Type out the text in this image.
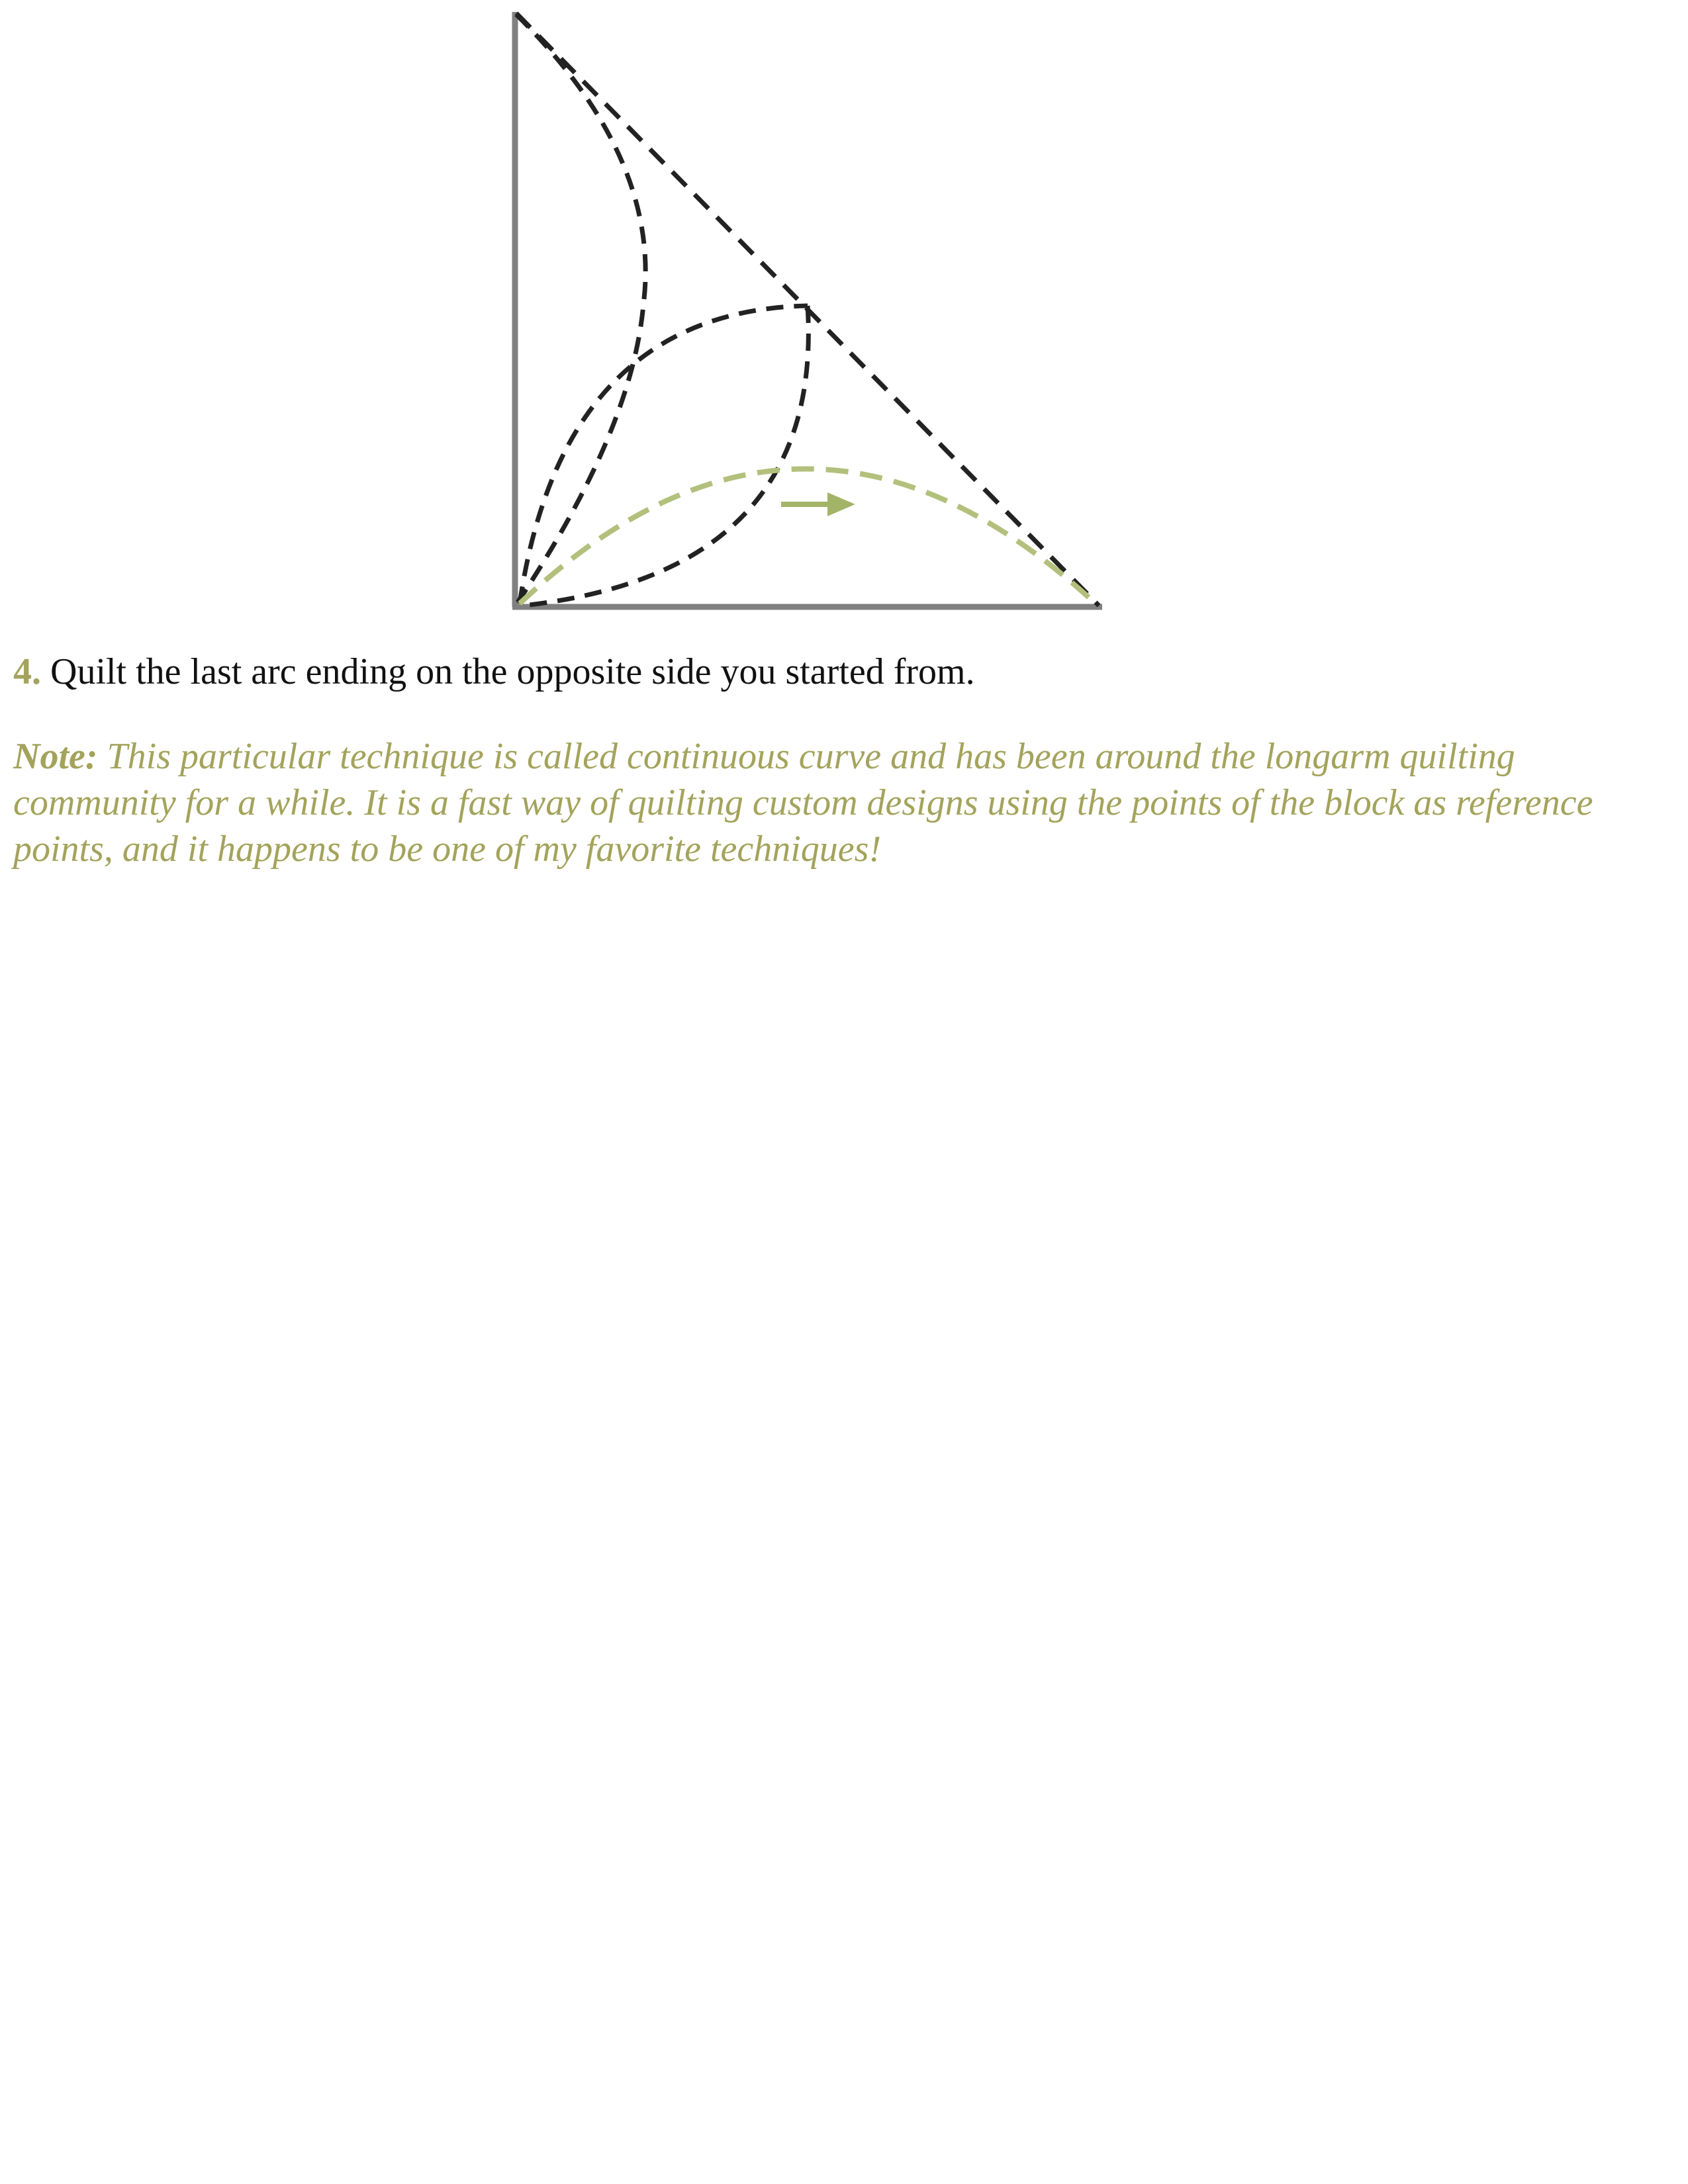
4. Quilt the last arc ending on the opposite side you started from.
Note: This particular technique is called continuous curve and has been around the longarm quilting community for a while. It is a fast way of quilting custom designs using the points of the block as reference points, and it happens to be one of my favorite techniques!
